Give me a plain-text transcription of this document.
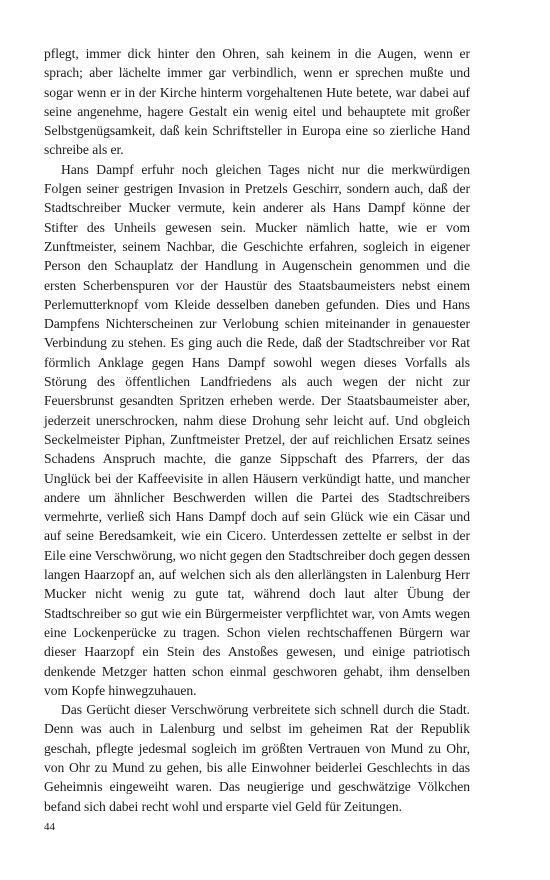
pflegt, immer dick hinter den Ohren, sah keinem in die Augen, wenn er sprach; aber lächelte immer gar verbindlich, wenn er sprechen mußte und sogar wenn er in der Kirche hinterm vorgehaltenen Hute betete, war dabei auf seine angenehme, hagere Gestalt ein wenig eitel und behauptete mit großer Selbstgenügsamkeit, daß kein Schriftsteller in Europa eine so zierliche Hand schreibe als er.

Hans Dampf erfuhr noch gleichen Tages nicht nur die merkwürdigen Folgen seiner gestrigen Invasion in Pretzels Geschirr, sondern auch, daß der Stadtschreiber Mucker vermute, kein anderer als Hans Dampf könne der Stifter des Unheils gewesen sein. Mucker nämlich hatte, wie er vom Zunftmeister, seinem Nachbar, die Geschichte erfahren, sogleich in eigener Person den Schauplatz der Handlung in Augenschein genommen und die ersten Scherbenspuren vor der Haustür des Staatsbaumeisters nebst einem Perlemutterknopf vom Kleide desselben daneben gefunden. Dies und Hans Dampfens Nichterscheinen zur Verlobung schien miteinander in genauester Verbindung zu stehen. Es ging auch die Rede, daß der Stadtschreiber vor Rat förmlich Anklage gegen Hans Dampf sowohl wegen dieses Vorfalls als Störung des öffentlichen Landfriedens als auch wegen der nicht zur Feuersbrunst gesandten Spritzen erheben werde. Der Staatsbaumeister aber, jederzeit unerschrocken, nahm diese Drohung sehr leicht auf. Und obgleich Seckelmeister Piphan, Zunftmeister Pretzel, der auf reichlichen Ersatz seines Schadens Anspruch machte, die ganze Sippschaft des Pfarrers, der das Unglück bei der Kaffeevisite in allen Häusern verkündigt hatte, und mancher andere um ähnlicher Beschwerden willen die Partei des Stadtschreibers vermehrte, verließ sich Hans Dampf doch auf sein Glück wie ein Cäsar und auf seine Beredsamkeit, wie ein Cicero. Unterdessen zettelte er selbst in der Eile eine Verschwörung, wo nicht gegen den Stadtschreiber doch gegen dessen langen Haarzopf an, auf welchen sich als den allerlängsten in Lalenburg Herr Mucker nicht wenig zu gute tat, während doch laut alter Übung der Stadtschreiber so gut wie ein Bürgermeister verpflichtet war, von Amts wegen eine Lockenperücke zu tragen. Schon vielen rechtschaffenen Bürgern war dieser Haarzopf ein Stein des Anstoßes gewesen, und einige patriotisch denkende Metzger hatten schon einmal geschworen gehabt, ihm denselben vom Kopfe hinwegzuhauen.

Das Gerücht dieser Verschwörung verbreitete sich schnell durch die Stadt. Denn was auch in Lalenburg und selbst im geheimen Rat der Republik geschah, pflegte jedesmal sogleich im größten Vertrauen von Mund zu Ohr, von Ohr zu Mund zu gehen, bis alle Einwohner beiderlei Geschlechts in das Geheimnis eingeweiht waren. Das neugierige und geschwätzige Völkchen befand sich dabei recht wohl und ersparte viel Geld für Zeitungen.

44
